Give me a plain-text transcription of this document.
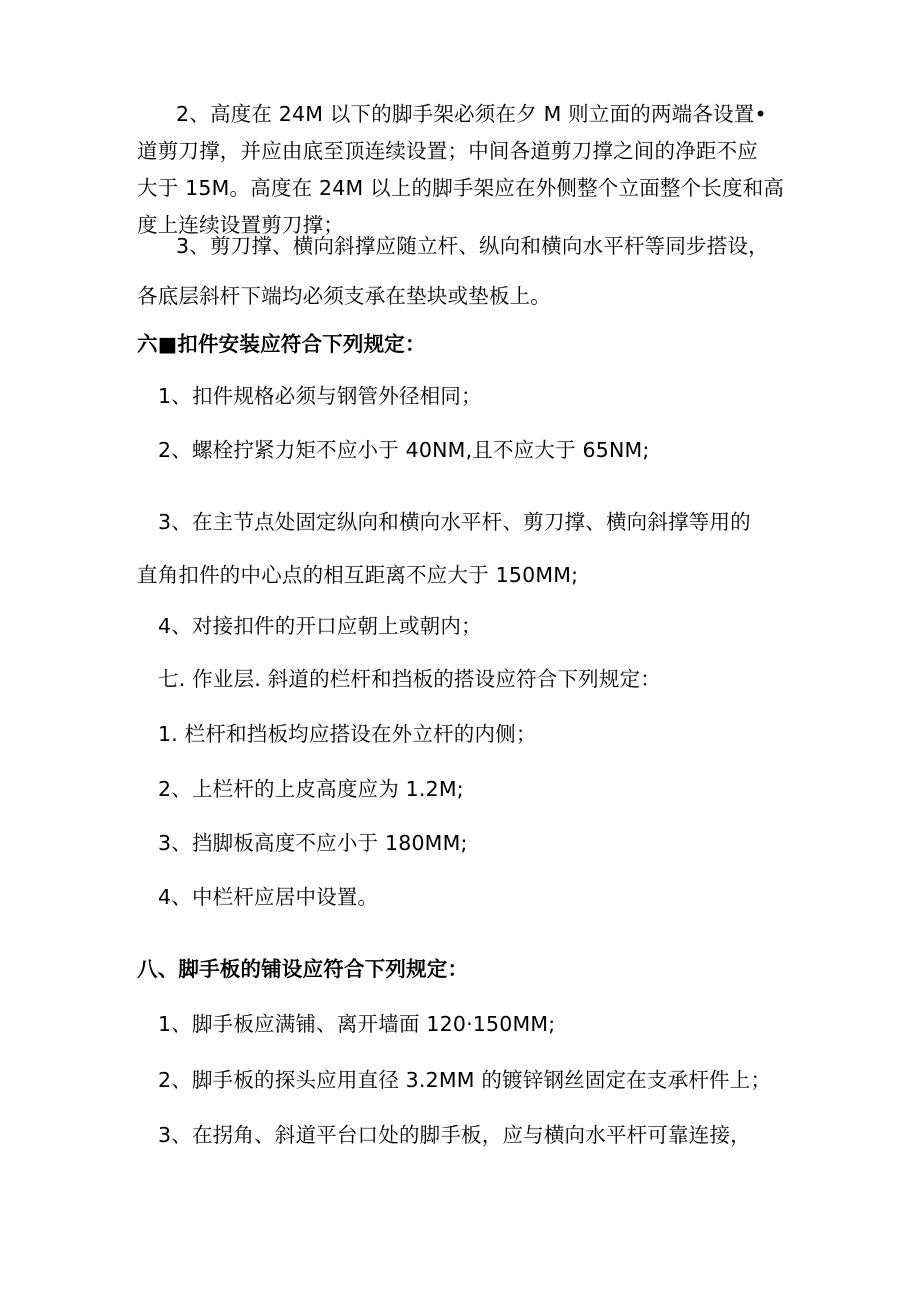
2、高度在 24M 以下的脚手架必须在夕 M 则立面的两端各设置•
道剪刀撑，并应由底至顶连续设置；中间各道剪刀撑之间的净距不应
大于 15M。高度在 24M 以上的脚手架应在外侧整个立面整个长度和高
度上连续设置剪刀撑；
3、剪刀撑、横向斜撑应随立杆、纵向和横向水平杆等同步搭设，
各底层斜杆下端均必须支承在垫块或垫板上。
六■扣件安装应符合下列规定：
1、扣件规格必须与钢管外径相同；
2、螺栓拧紧力矩不应小于 40NM,且不应大于 65NM;
3、在主节点处固定纵向和横向水平杆、剪刀撑、横向斜撑等用的
直角扣件的中心点的相互距离不应大于 150MM;
4、对接扣件的开口应朝上或朝内；
七. 作业层. 斜道的栏杆和挡板的搭设应符合下列规定：
1. 栏杆和挡板均应搭设在外立杆的内侧；
2、上栏杆的上皮高度应为 1.2M;
3、挡脚板高度不应小于 180MM;
4、中栏杆应居中设置。
八、脚手板的铺设应符合下列规定：
1、脚手板应满铺、离开墙面 120·150MM;
2、脚手板的探头应用直径 3.2MM 的镀锌钢丝固定在支承杆件上；
3、在拐角、斜道平台口处的脚手板，应与横向水平杆可靠连接，
